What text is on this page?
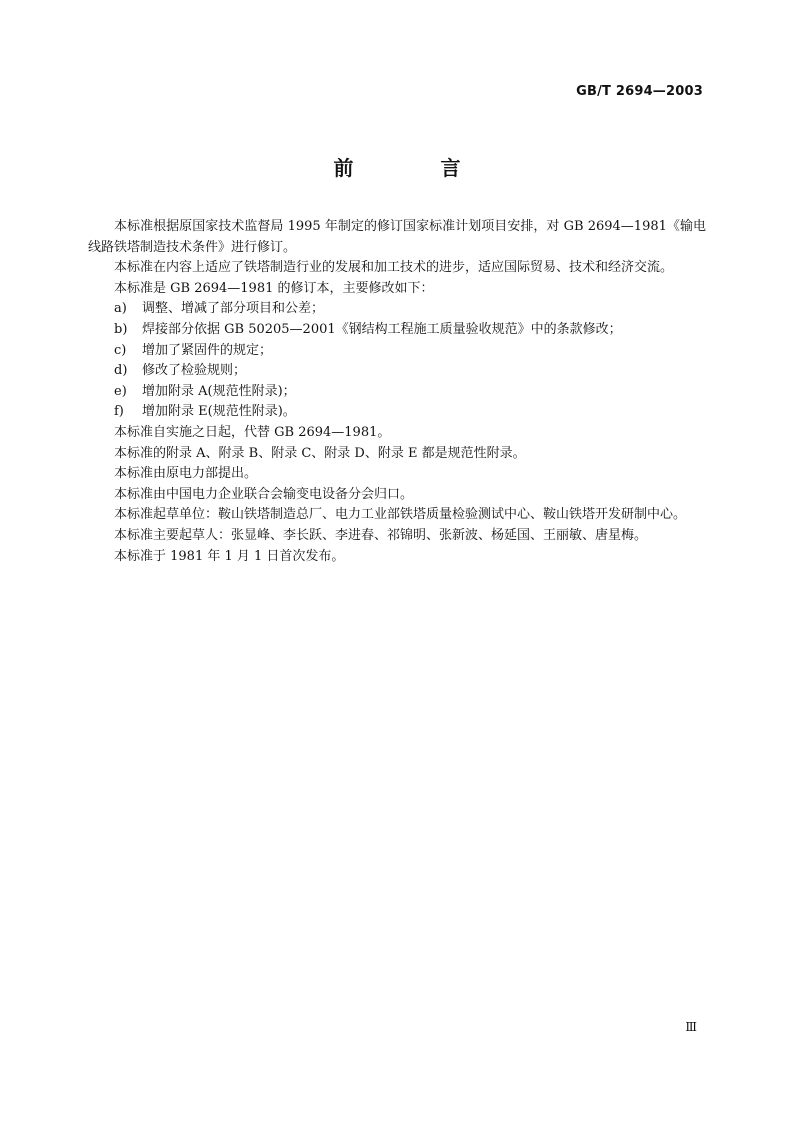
GB/T 2694—2003
前 言

本标准根据原国家技术监督局 1995 年制定的修订国家标准计划项目安排，对 GB 2694—1981《输电线路铁塔制造技术条件》进行修订。

本标准在内容上适应了铁塔制造行业的发展和加工技术的进步，适应国际贸易、技术和经济交流。

本标准是 GB 2694—1981 的修订本，主要修改如下：

a) 调整、增减了部分项目和公差；

b) 焊接部分依据 GB 50205—2001《钢结构工程施工质量验收规范》中的条款修改；

c) 增加了紧固件的规定；

d) 修改了检验规则；

e) 增加附录 A(规范性附录)；

f) 增加附录 E(规范性附录)。

本标准自实施之日起，代替 GB 2694—1981。

本标准的附录 A、附录 B、附录 C、附录 D、附录 E 都是规范性附录。

本标准由原电力部提出。

本标准由中国电力企业联合会输变电设备分会归口。

本标准起草单位：鞍山铁塔制造总厂、电力工业部铁塔质量检验测试中心、鞍山铁塔开发研制中心。

本标准主要起草人：张显峰、李长跃、李进春、祁锦明、张新波、杨延国、王丽敏、唐星梅。

本标准于 1981 年 1 月 1 日首次发布。

Ⅲ
